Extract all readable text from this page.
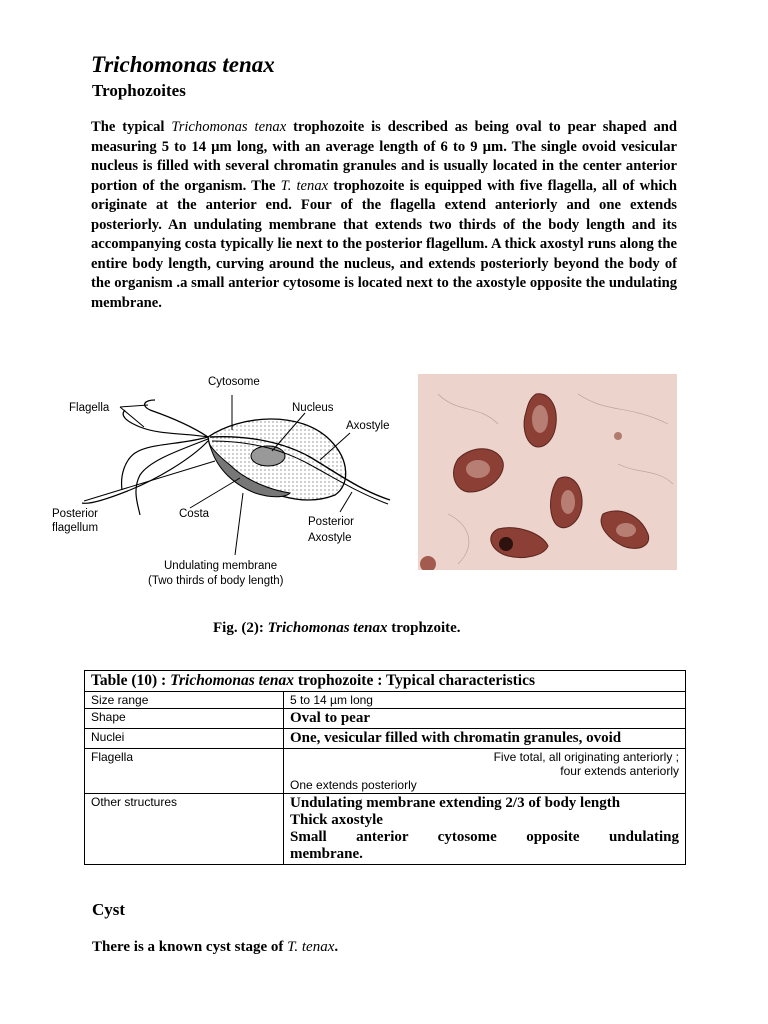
Trichomonas tenax
Trophozoites
The typical Trichomonas tenax trophozoite is described as being oval to pear shaped and measuring 5 to 14 µm long, with an average length of 6 to 9 µm. The single ovoid vesicular nucleus is filled with several chromatin granules and is usually located in the center anterior portion of the organism. The T. tenax trophozoite is equipped with five flagella, all of which originate at the anterior end. Four of the flagella extend anteriorly and one extends posteriorly. An undulating membrane that extends two thirds of the body length and its accompanying costa typically lie next to the posterior flagellum. A thick axostyl runs along the entire body length, curving around the nucleus, and extends posteriorly beyond the body of the organism .a small anterior cytosome is located next to the axostyle opposite the undulating membrane.
Cytosome
Flagella	Nucleus
Axostyle
Posterior
flagellum
Costa
Posterior
Axostyle
Undulating membrane
(Two thirds of body length)
Fig. (2): Trichomonas tenax trophzoite.
Table (10) : Trichomonas tenax trophozoite : Typical characteristics	
Size range	5 to 14 µm long
Shape	Oval to pear
Nuclei	One, vesicular filled with chromatin granules, ovoid
Flagella	Five total, all originating anteriorly ;
four extends anteriorly
One extends posteriorly

Other structures	Undulating membrane extending 2/3 of body length
Thick axostyle
Small anterior cytosome opposite undulating
membrane.
Cyst
There is a known cyst stage of T. tenax.
